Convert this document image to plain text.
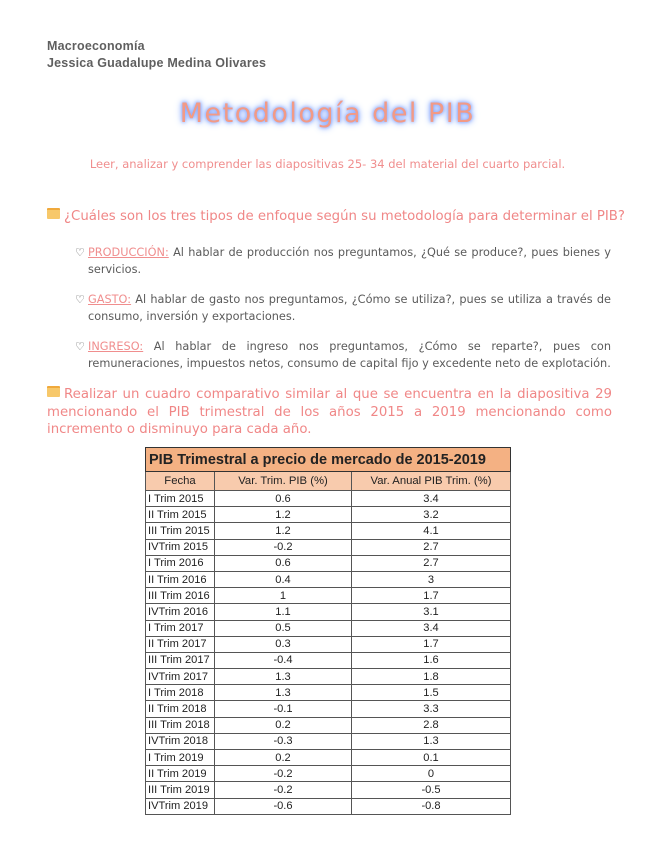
Macroeconomía
Jessica Guadalupe Medina Olivares
Metodología del PIB
Leer, analizar y comprender las diapositivas 25- 34 del material del cuarto parcial.
¿Cuáles son los tres tipos de enfoque según su metodología para determinar el PIB?
♡ PRODUCCIÓN: Al hablar de producción nos preguntamos, ¿Qué se produce?, pues bienes y servicios.
♡ GASTO: Al hablar de gasto nos preguntamos, ¿Cómo se utiliza?, pues se utiliza a través de consumo, inversión y exportaciones.
♡ INGRESO: Al hablar de ingreso nos preguntamos, ¿Cómo se reparte?, pues con remuneraciones, impuestos netos, consumo de capital fijo y excedente neto de explotación.
Realizar un cuadro comparativo similar al que se encuentra en la diapositiva 29 mencionando el PIB trimestral de los años 2015 a 2019 mencionando como incremento o disminuyo para cada año.
PIB Trimestral a precio de mercado de 2015-2019		
Fecha	Var. Trim. PIB (%)	Var. Anual PIB Trim. (%)
I Trim 2015	0.6	3.4
II Trim 2015	1.2	3.2
III Trim 2015	1.2	4.1
IVTrim 2015	-0.2	2.7
I Trim 2016	0.6	2.7
II Trim 2016	0.4	3
III Trim 2016	1	1.7
IVTrim 2016	1.1	3.1
I Trim 2017	0.5	3.4
II Trim 2017	0.3	1.7
III Trim 2017	-0.4	1.6
IVTrim 2017	1.3	1.8
I Trim 2018	1.3	1.5
II Trim 2018	-0.1	3.3
III Trim 2018	0.2	2.8
IVTrim 2018	-0.3	1.3
I Trim 2019	0.2	0.1
II Trim 2019	-0.2	0
III Trim 2019	-0.2	-0.5
IVTrim 2019	-0.6	-0.8
